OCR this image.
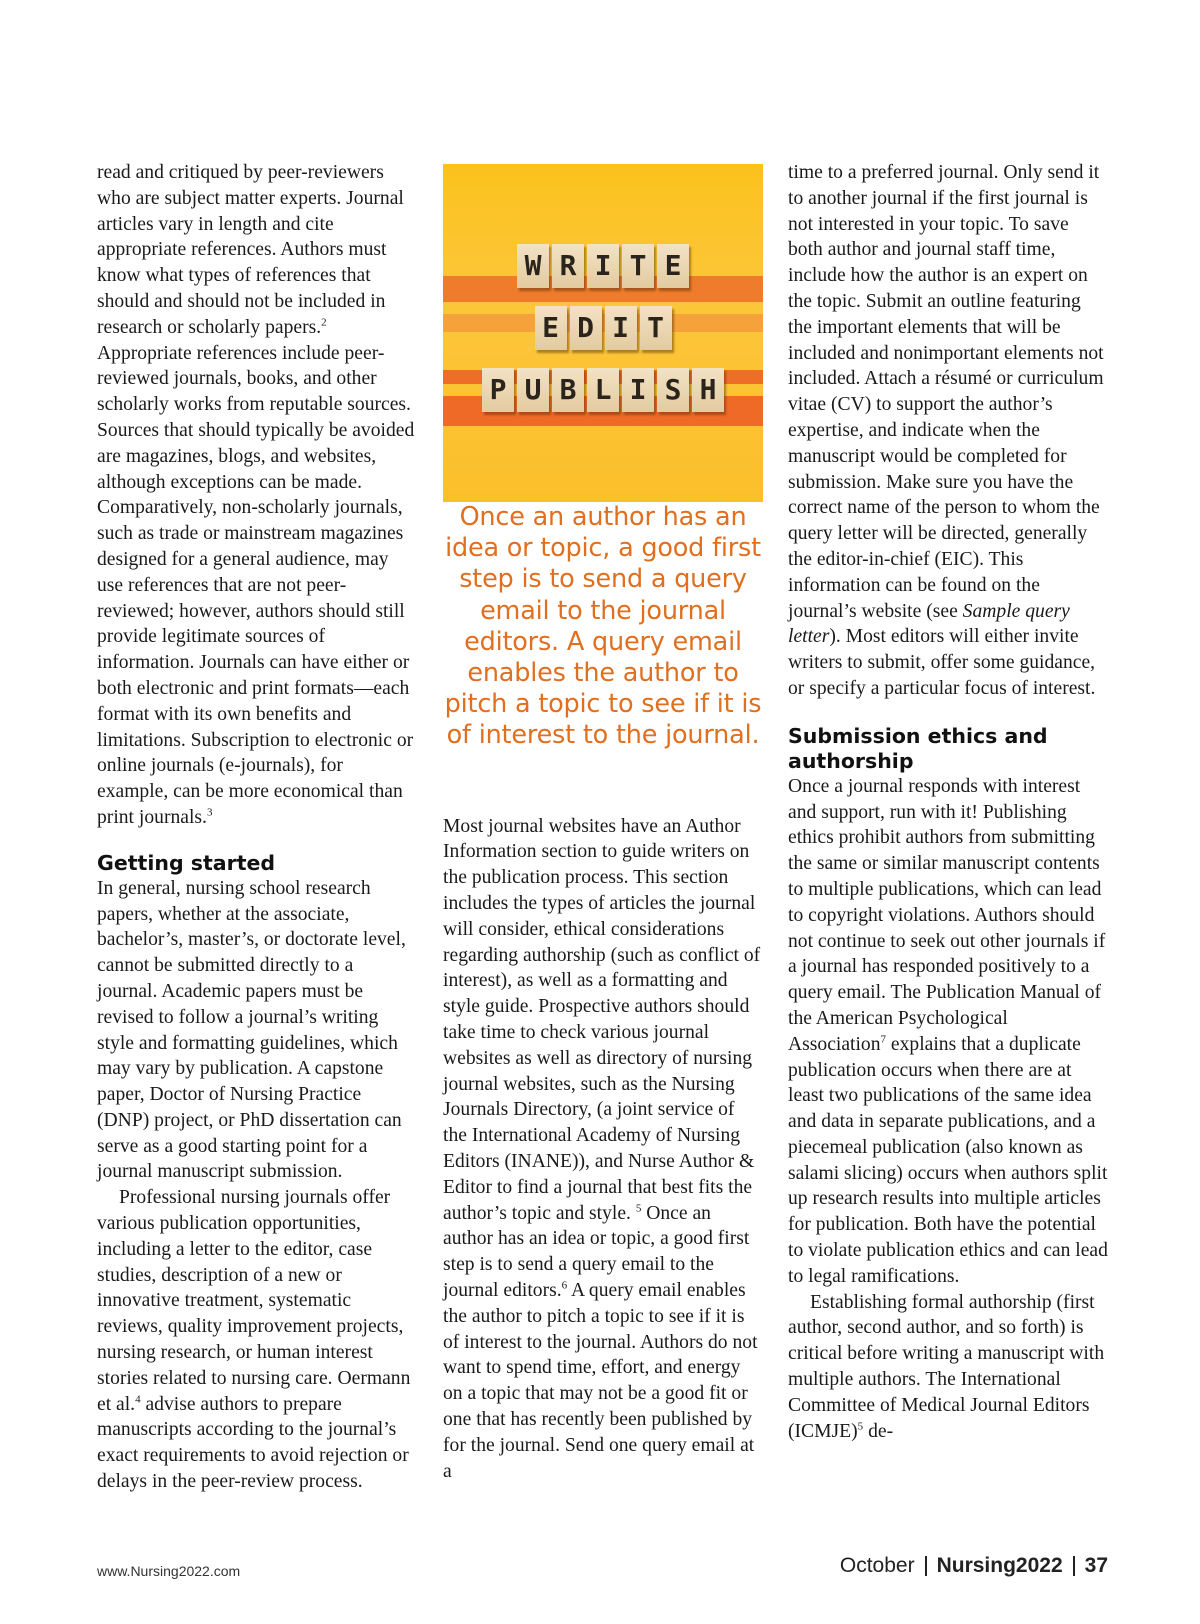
read and critiqued by peer-reviewers who are subject matter experts. Journal articles vary in length and cite appropriate references. Authors must know what types of references that should and should not be included in research or scholarly papers.$^2$ Appropriate references include peer-reviewed journals, books, and other scholarly works from reputable sources. Sources that should typically be avoided are magazines, blogs, and websites, although exceptions can be made. Comparatively, non-scholarly journals, such as trade or mainstream magazines designed for a general audience, may use references that are not peer-reviewed; however, authors should still provide legitimate sources of information. Journals can have either or both electronic and print formats—each format with its own benefits and limitations. Subscription to electronic or online journals (e-journals), for example, can be more economical than print journals.$^3$

Getting started

In general, nursing school research papers, whether at the associate, bachelor’s, master’s, or doctorate level, cannot be submitted directly to a journal. Academic papers must be revised to follow a journal’s writing style and formatting guidelines, which may vary by publication. A capstone paper, Doctor of Nursing Practice (DNP) project, or PhD dissertation can serve as a good starting point for a journal manuscript submission.

Professional nursing journals offer various publication opportunities, including a letter to the editor, case studies, description of a new or innovative treatment, systematic reviews, quality improvement projects, nursing research, or human interest stories related to nursing care. Oermann et al.$^4$ advise authors to prepare manuscripts according to the journal’s exact requirements to avoid rejection or delays in the peer-review process.

W R I T E
E D I T
P U B L I S H

Once an author has an idea or topic, a good first step is to send a query email to the journal editors. A query email enables the author to pitch a topic to see if it is of interest to the journal.

Most journal websites have an Author Information section to guide writers on the publication process. This section includes the types of articles the journal will consider, ethical considerations regarding authorship (such as conflict of interest), as well as a formatting and style guide. Prospective authors should take time to check various journal websites as well as directory of nursing journal websites, such as the Nursing Journals Directory, (a joint service of the International Academy of Nursing Editors (INANE)), and Nurse Author & Editor to find a journal that best fits the author’s topic and style. $^5$ Once an author has an idea or topic, a good first step is to send a query email to the journal editors.$^6$ A query email enables the author to pitch a topic to see if it is of interest to the journal. Authors do not want to spend time, effort, and energy on a topic that may not be a good fit or one that has recently been published by for the journal. Send one query email at a

time to a preferred journal. Only send it to another journal if the first journal is not interested in your topic. To save both author and journal staff time, include how the author is an expert on the topic. Submit an outline featuring the important elements that will be included and nonimportant elements not included. Attach a résumé or curriculum vitae (CV) to support the author’s expertise, and indicate when the manuscript would be completed for submission. Make sure you have the correct name of the person to whom the query letter will be directed, generally the editor-in-chief (EIC). This information can be found on the journal’s website (see Sample query letter). Most editors will either invite writers to submit, offer some guidance, or specify a particular focus of interest.

Submission ethics and authorship

Once a journal responds with interest and support, run with it! Publishing ethics prohibit authors from submitting the same or similar manuscript contents to multiple publications, which can lead to copyright violations. Authors should not continue to seek out other journals if a journal has responded positively to a query email. The Publication Manual of the American Psychological Association$^7$ explains that a duplicate publication occurs when there are at least two publications of the same idea and data in separate publications, and a piecemeal publication (also known as salami slicing) occurs when authors split up research results into multiple articles for publication. Both have the potential to violate publication ethics and can lead to legal ramifications.

Establishing formal authorship (first author, second author, and so forth) is critical before writing a manuscript with multiple authors. The International Committee of Medical Journal Editors (ICMJE)$^5$ de-

www.Nursing2022.com	October Nursing2022 37
